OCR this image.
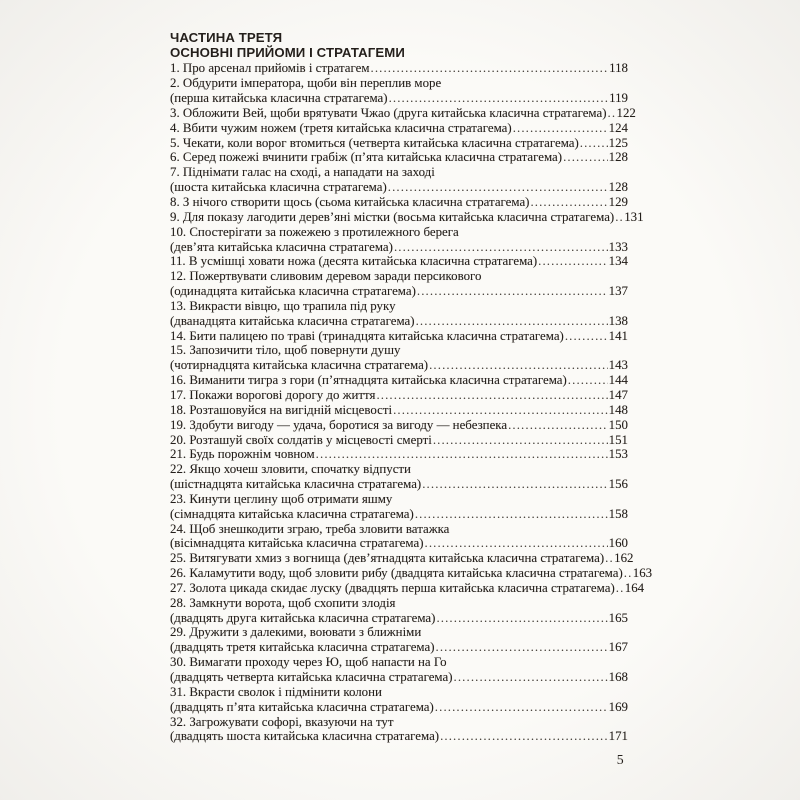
ЧАСТИНА ТРЕТЯ

ОСНОВНІ ПРИЙОМИ І СТРАТАГЕМИ

1. Про арсенал прийомів і стратагем .....	118
2. Обдурити імператора, щоби він переплив море
(перша китайська класична стратагема) .....	119
3. Обложити Вей, щоби врятувати Чжао (друга китайська класична стратагема) ..... 122
4. Вбити чужим ножем (третя китайська класична стратагема) .....	124
5. Чекати, коли ворог втомиться (четверта китайська класична стратагема) ..... 125
6. Серед пожежі вчинити грабіж (п’ята китайська класична стратагема) .....	128
7. Піднімати галас на сході, а нападати на заході
(шоста китайська класична стратагема) .....	128
8. З нічого створити щось (сьома китайська класична стратагема) .....	129
9. Для показу лагодити дерев’яні містки (восьма китайська класична стратагема) ..... 131
10. Спостерігати за пожежею з протилежного берега
(дев’ята китайська класична стратагема) .....	133
11. В усмішці ховати ножа (десята китайська класична стратагема) .....	134
12. Пожертвувати сливовим деревом заради персикового
(одинадцята китайська класична стратагема) .....	137
13. Викрасти вівцю, що трапила під руку
(дванадцята китайська класична стратагема) .....	138
14. Бити палицею по траві (тринадцята китайська класична стратагема) .....	141
15. Запозичити тіло, щоб повернути душу
(чотирнадцята китайська класична стратагема) .....	143
16. Виманити тигра з гори (п’ятнадцята китайська класична стратагема) .....	144
17. Покажи ворогові дорогу до життя .....	147
18. Розташовуйся на вигідній місцевості .....	148
19. Здобути вигоду — удача, боротися за вигоду — небезпека .....	150
20. Розташуй своїх солдатів у місцевості смерті .....	151
21. Будь порожнім човном .....	153
22. Якщо хочеш зловити, спочатку відпусти
(шістнадцята китайська класична стратагема) .....	156
23. Кинути цеглину щоб отримати яшму
(сімнадцята китайська класична стратагема) .....	158
24. Щоб знешкодити зграю, треба зловити ватажка
(вісімнадцята китайська класична стратагема) .....	160
25. Витягувати хмиз з вогнища (дев’ятнадцята китайська класична стратагема) ..... 162
26. Каламутити воду, щоб зловити рибу (двадцята китайська класична стратагема) ..... 163
27. Золота цикада скидає луску (двадцять перша китайська класична стратагема) ..... 164
28. Замкнути ворота, щоб схопити злодія
(двадцять друга китайська класична стратагема) .....	165
29. Дружити з далекими, воювати з ближніми
(двадцять третя китайська класична стратагема) .....	167
30. Вимагати проходу через Ю, щоб напасти на Го
(двадцять четверта китайська класична стратагема) .....	168
31. Вкрасти сволок і підмінити колони
(двадцять п’ята китайська класична стратагема) .....	169
32. Загрожувати софорі, вказуючи на тут
(двадцять шоста китайська класична стратагема) .....	171
5
